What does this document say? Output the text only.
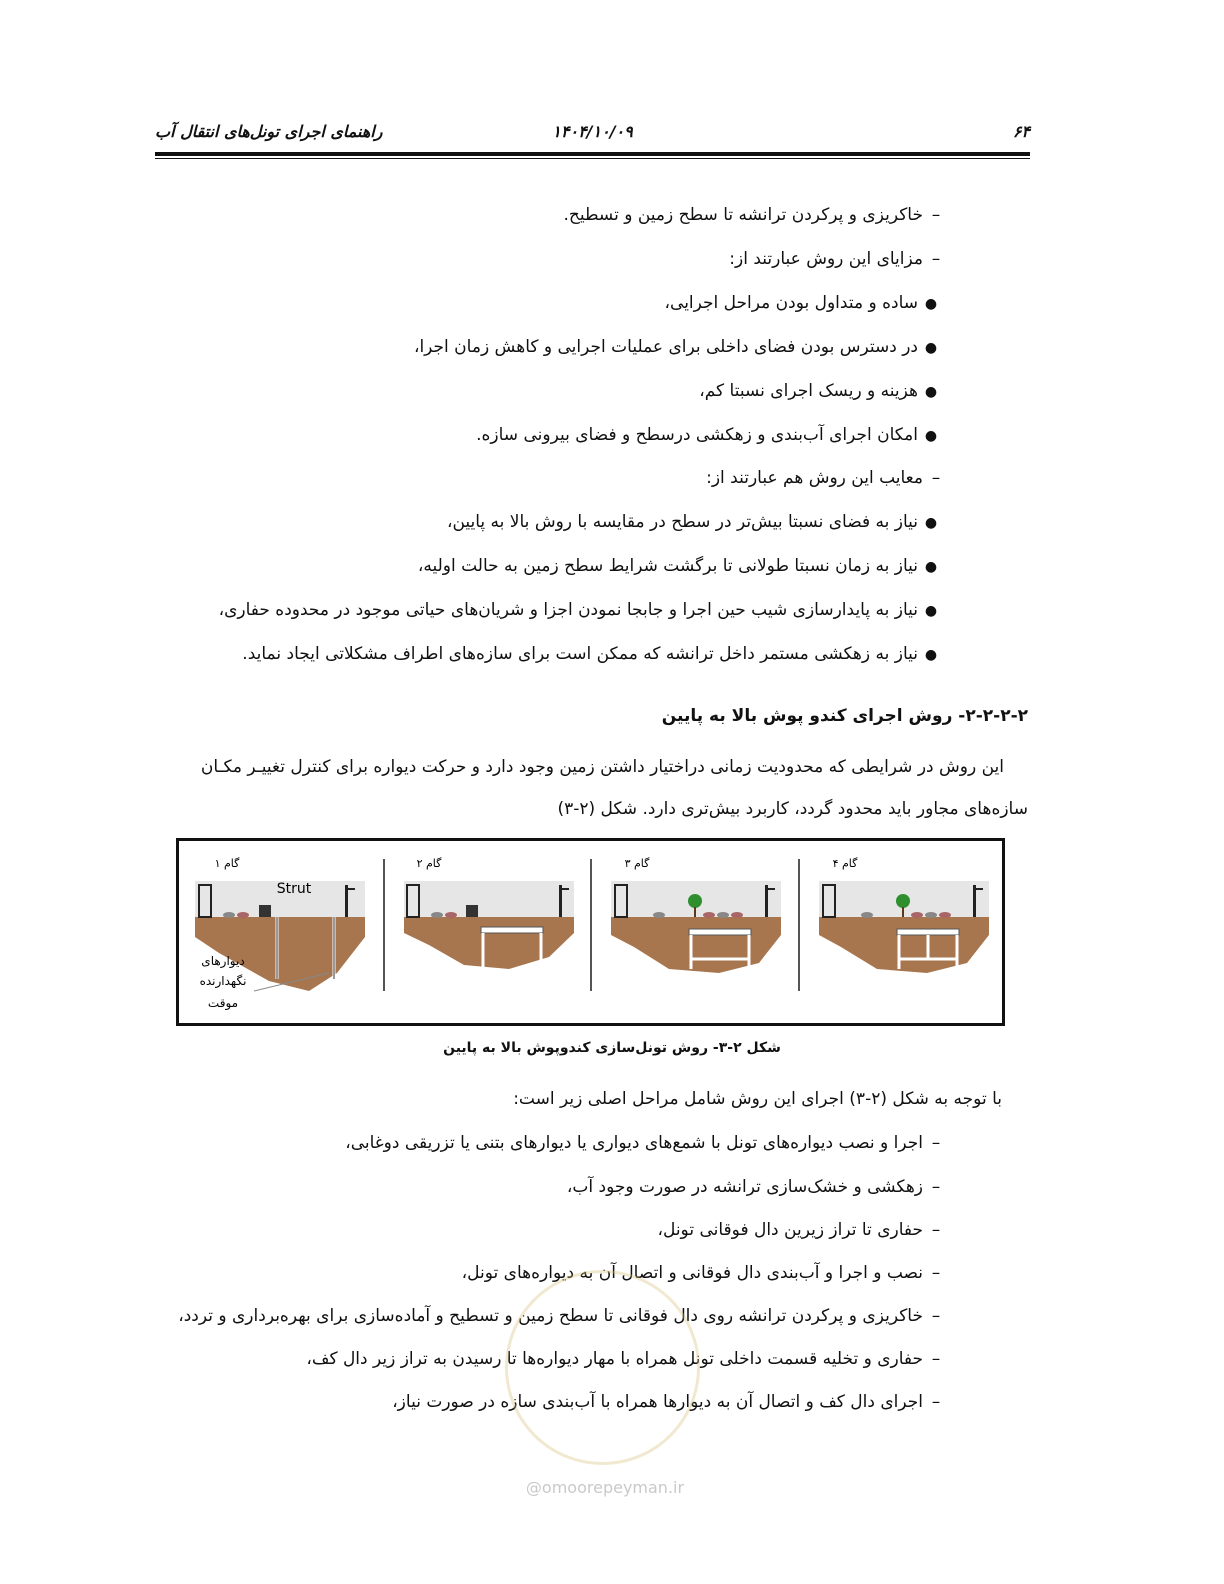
۶۴
۱۴۰۴/۱۰/۰۹
راهنمای اجرای تونل‌های انتقال آب
–خاکریزی و پرکردن ترانشه تا سطح زمین و تسطیح.
–مزایای این روش عبارتند از:
●ساده و متداول بودن مراحل اجرایی،
●در دسترس بودن فضای داخلی برای عملیات اجرایی و کاهش زمان اجرا،
●هزینه و ریسک اجرای نسبتا کم،
●امکان اجرای آب‌بندی و زهکشی درسطح و فضای بیرونی سازه.
–معایب این روش هم عبارتند از:
●نیاز به فضای نسبتا بیش‌تر در سطح در مقایسه با روش بالا به پایین،
●نیاز به زمان نسبتا طولانی تا برگشت شرایط سطح زمین به حالت اولیه،
●نیاز به پایدارسازی شیب حین اجرا و جابجا نمودن اجزا و شریان‌های حیاتی موجود در محدوده حفاری،
●نیاز به زهکشی مستمر داخل ترانشه که ممکن است برای سازه‌های اطراف مشکلاتی ایجاد نماید.
۲-۲-۲-۲- روش اجرای کندو پوش بالا به پایین
این روش در شرایطی که محدودیت زمانی دراختیار داشتن زمین وجود دارد و حرکت دیواره برای کنترل تغییـر مکـان
سازه‌های مجاور باید محدود گردد، کاربرد بیش‌تری دارد. شکل (۲-۳)
گام ۱
Strut
دیوارهای
نگهدارنده
موقت
گام ۲	گام ۳	گام ۴
شکل ۲-۳- روش تونل‌سازی کندوپوش بالا به پایین
با توجه به شکل (۲-۳) اجرای این روش شامل مراحل اصلی زیر است:
–اجرا و نصب دیواره‌های تونل با شمع‌های دیواری یا دیوارهای بتنی یا تزریقی دوغابی،
–زهکشی و خشک‌سازی ترانشه در صورت وجود آب،
–حفاری تا تراز زیرین دال فوقانی تونل،
–نصب و اجرا و آب‌بندی دال فوقانی و اتصال آن به دیواره‌های تونل،
–خاکریزی و پرکردن ترانشه روی دال فوقانی تا سطح زمین و تسطیح و آماده‌سازی برای بهره‌برداری و تردد،
–حفاری و تخلیه قسمت داخلی تونل همراه با مهار دیواره‌ها تا رسیدن به تراز زیر دال کف،
–اجرای دال کف و اتصال آن به دیوارها همراه با آب‌بندی سازه در صورت نیاز،
@omoorepeyman.ir
